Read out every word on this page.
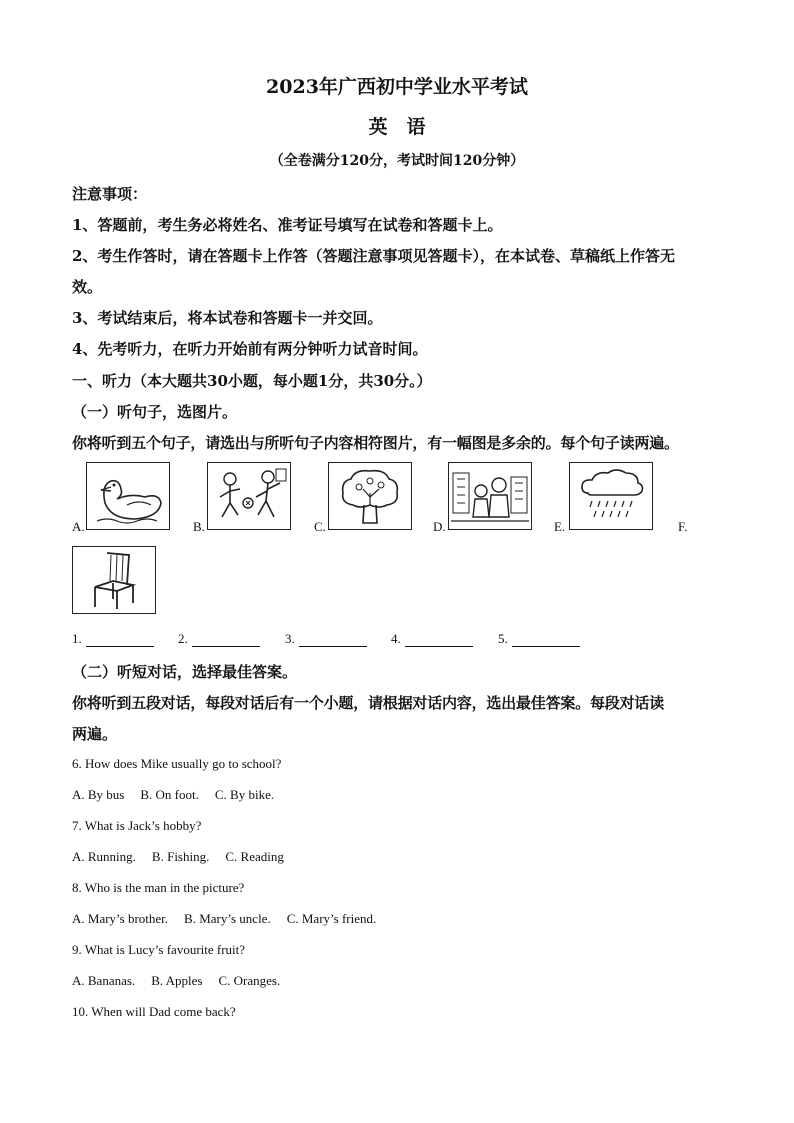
2023年广西初中学业水平考试
英　语
（全卷满分120分，考试时间120分钟）
注意事项：
1、答题前，考生务必将姓名、准考证号填写在试卷和答题卡上。
2、考生作答时，请在答题卡上作答（答题注意事项见答题卡），在本试卷、草稿纸上作答无
效。
3、考试结束后，将本试卷和答题卡一并交回。
4、先考听力，在听力开始前有两分钟听力试音时间。
一、听力（本大题共30小题，每小题1分，共30分。）
（一）听句子，选图片。
你将听到五个句子，请选出与所听句子内容相符图片，有一幅图是多余的。每个句子读两遍。
A.	B.	C.	D.	E.	F.
1.	2.	3.	4.	5.
（二）听短对话，选择最佳答案。
你将听到五段对话，每段对话后有一个小题，请根据对话内容，选出最佳答案。每段对话读
两遍。
6. How does Mike usually go to school?
A. By bus B. On foot. C. By bike.
7. What is Jack’s hobby?
A. Running. B. Fishing. C. Reading
8. Who is the man in the picture?
A. Mary’s brother. B. Mary’s uncle. C. Mary’s friend.
9. What is Lucy’s favourite fruit?
A. Bananas. B. Apples C. Oranges.
10. When will Dad come back?
